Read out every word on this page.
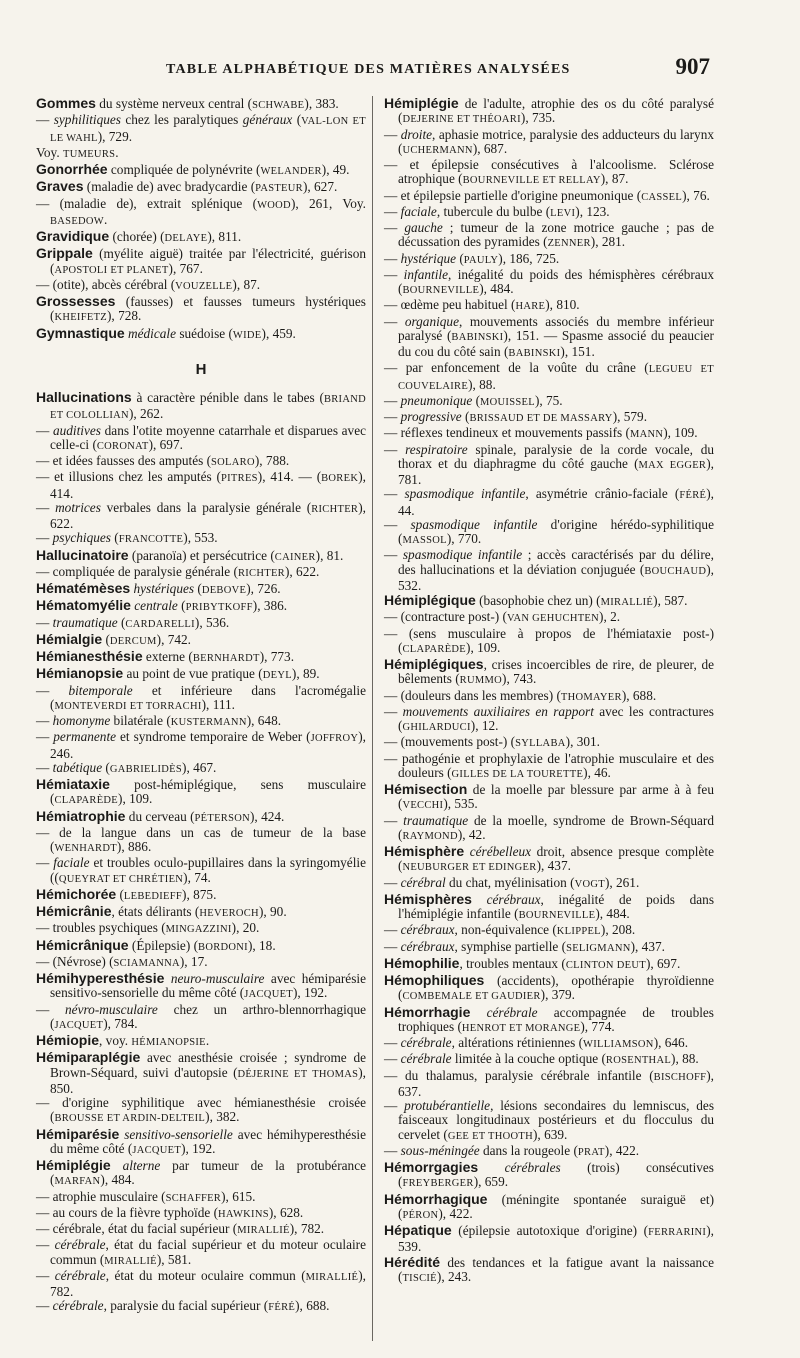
TABLE ALPHABÉTIQUE DES MATIÈRES ANALYSÉES	907
Gommes du système nerveux central (SCHWABE), 383.
— syphilitiques chez les paralytiques généraux (VAL-LON ET LE WAHL), 729.
Voy. TUMEURS.
Gonorrhée compliquée de polynévrite (WELANDER), 49.
Graves (maladie de) avec bradycardie (PASTEUR), 627.
— (maladie de), extrait splénique (WOOD), 261, Voy. BASEDOW.
Gravidique (chorée) (DELAYE), 811.
Grippale (myélite aiguë) traitée par l'électricité, guérison (APOSTOLI ET PLANET), 767.
— (otite), abcès cérébral (VOUZELLE), 87.
Grossesses (fausses) et fausses tumeurs hystériques (KHEIFETZ), 728.
Gymnastique médicale suédoise (WIDE), 459.
H
Hallucinations à caractère pénible dans le tabes (BRIAND ET COLOLLIAN), 262.
— auditives dans l'otite moyenne catarrhale et disparues avec celle-ci (CORONAT), 697.
— et idées fausses des amputés (SOLARO), 788.
— et illusions chez les amputés (PITRES), 414. — (BOREK), 414.
— motrices verbales dans la paralysie générale (RICHTER), 622.
— psychiques (FRANCOTTE), 553.
Hallucinatoire (paranoïa) et persécutrice (CAINER), 81.
— compliquée de paralysie générale (RICHTER), 622.
Hématémèses hystériques (DEBOVE), 726.
Hématomyélie centrale (PRIBYTKOFF), 386.
— traumatique (CARDARELLI), 536.
Hémialgie (DERCUM), 742.
Hémianesthésie externe (BERNHARDT), 773.
Hémianopsie au point de vue pratique (DEYL), 89.
— bitemporale et inférieure dans l'acromégalie (MONTEVERDI ET TORRACHI), 111.
— homonyme bilatérale (KUSTERMANN), 648.
— permanente et syndrome temporaire de Weber (JOFFROY), 246.
— tabétique (GABRIELIDÈS), 467.
Hémiataxie post-hémiplégique, sens musculaire (CLAPARÈDE), 109.
Hémiatrophie du cerveau (PÉTERSON), 424.
— de la langue dans un cas de tumeur de la base (WENHARDT), 886.
— faciale et troubles oculo-pupillaires dans la syringomyélie ((QUEYRAT ET CHRÉTIEN), 74.
Hémichorée (LEBEDIEFF), 875.
Hémicrânie, états délirants (HEVEROCH), 90.
— troubles psychiques (MINGAZZINI), 20.
Hémicrânique (Épilepsie) (BORDONI), 18.
— (Névrose) (SCIAMANNA), 17.
Hémihyperesthésie neuro-musculaire avec hémiparésie sensitivo-sensorielle du même côté (JACQUET), 192.
— névro-musculaire chez un arthro-blennorrhagique (JACQUET), 784.
Hémiopie, voy. HÉMIANOPSIE.
Hémiparaplégie avec anesthésie croisée ; syndrome de Brown-Séquard, suivi d'autopsie (DÉJERINE ET THOMAS), 850.
— d'origine syphilitique avec hémianesthésie croisée (BROUSSE ET ARDIN-DELTEIL), 382.
Hémiparésie sensitivo-sensorielle avec hémihyperesthésie du même côté (JACQUET), 192.
Hémiplégie alterne par tumeur de la protubérance (MARFAN), 484.
— atrophie musculaire (SCHAFFER), 615.
— au cours de la fièvre typhoïde (HAWKINS), 628.
— cérébrale, état du facial supérieur (MIRALLIÉ), 782.
— cérébrale, état du facial supérieur et du moteur oculaire commun (MIRALLIÉ), 581.
— cérébrale, état du moteur oculaire commun (MIRALLIÉ), 782.
— cérébrale, paralysie du facial supérieur (FÉRÉ), 688.
Hémiplégie de l'adulte, atrophie des os du côté paralysé (DEJERINE ET THÉOARI), 735.
— droite, aphasie motrice, paralysie des adducteurs du larynx (UCHERMANN), 687.
— et épilepsie consécutives à l'alcoolisme. Sclérose atrophique (BOURNEVILLE ET RELLAY), 87.
— et épilepsie partielle d'origine pneumonique (CASSEL), 76.
— faciale, tubercule du bulbe (LEVI), 123.
— gauche ; tumeur de la zone motrice gauche ; pas de décussation des pyramides (ZENNER), 281.
— hystérique (PAULY), 186, 725.
— infantile, inégalité du poids des hémisphères cérébraux (BOURNEVILLE), 484.
— œdème peu habituel (HARE), 810.
— organique, mouvements associés du membre inférieur paralysé (BABINSKI), 151. — Spasme associé du peaucier du cou du côté sain (BABINSKI), 151.
— par enfoncement de la voûte du crâne (LEGUEU ET COUVELAIRE), 88.
— pneumonique (MOUISSEL), 75.
— progressive (BRISSAUD ET DE MASSARY), 579.
— réflexes tendineux et mouvements passifs (MANN), 109.
— respiratoire spinale, paralysie de la corde vocale, du thorax et du diaphragme du côté gauche (MAX EGGER), 781.
— spasmodique infantile, asymétrie crânio-faciale (FÉRÉ), 44.
— spasmodique infantile d'origine hérédo-syphilitique (MASSOL), 770.
— spasmodique infantile ; accès caractérisés par du délire, des hallucinations et la déviation conjuguée (BOUCHAUD), 532.
Hémiplégique (basophobie chez un) (MIRALLIÉ), 587.
— (contracture post-) (VAN GEHUCHTEN), 2.
— (sens musculaire à propos de l'hémiataxie post-) (CLAPARÈDE), 109.
Hémiplégiques, crises incoercibles de rire, de pleurer, de bêlements (RUMMO), 743.
— (douleurs dans les membres) (THOMAYER), 688.
— mouvements auxiliaires en rapport avec les contractures (GHILARDUCI), 12.
— (mouvements post-) (SYLLABA), 301.
— pathogénie et prophylaxie de l'atrophie musculaire et des douleurs (GILLES DE LA TOURETTE), 46.
Hémisection de la moelle par blessure par arme à à feu (VECCHI), 535.
— traumatique de la moelle, syndrome de Brown-Séquard (RAYMOND), 42.
Hémisphère cérébelleux droit, absence presque complète (NEUBURGER ET EDINGER), 437.
— cérébral du chat, myélinisation (VOGT), 261.
Hémisphères cérébraux, inégalité de poids dans l'hémiplégie infantile (BOURNEVILLE), 484.
— cérébraux, non-équivalence (KLIPPEL), 208.
— cérébraux, symphise partielle (SELIGMANN), 437.
Hémophilie, troubles mentaux (CLINTON DEUT), 697.
Hémophiliques (accidents), opothérapie thyroïdienne (COMBEMALE ET GAUDIER), 379.
Hémorrhagie cérébrale accompagnée de troubles trophiques (HENROT ET MORANGE), 774.
— cérébrale, altérations rétiniennes (WILLIAMSON), 646.
— cérébrale limitée à la couche optique (ROSENTHAL), 88.
— du thalamus, paralysie cérébrale infantile (BISCHOFF), 637.
— protubérantielle, lésions secondaires du lemniscus, des faisceaux longitudinaux postérieurs et du flocculus du cervelet (GEE ET THOOTH), 639.
— sous-méningée dans la rougeole (PRAT), 422.
Hémorrgagies cérébrales (trois) consécutives (FREYBERGER), 659.
Hémorrhagique (méningite spontanée suraiguë et) (PÉRON), 422.
Hépatique (épilepsie autotoxique d'origine) (FERRARINI), 539.
Hérédité des tendances et la fatigue avant la naissance (TISCIÉ), 243.
